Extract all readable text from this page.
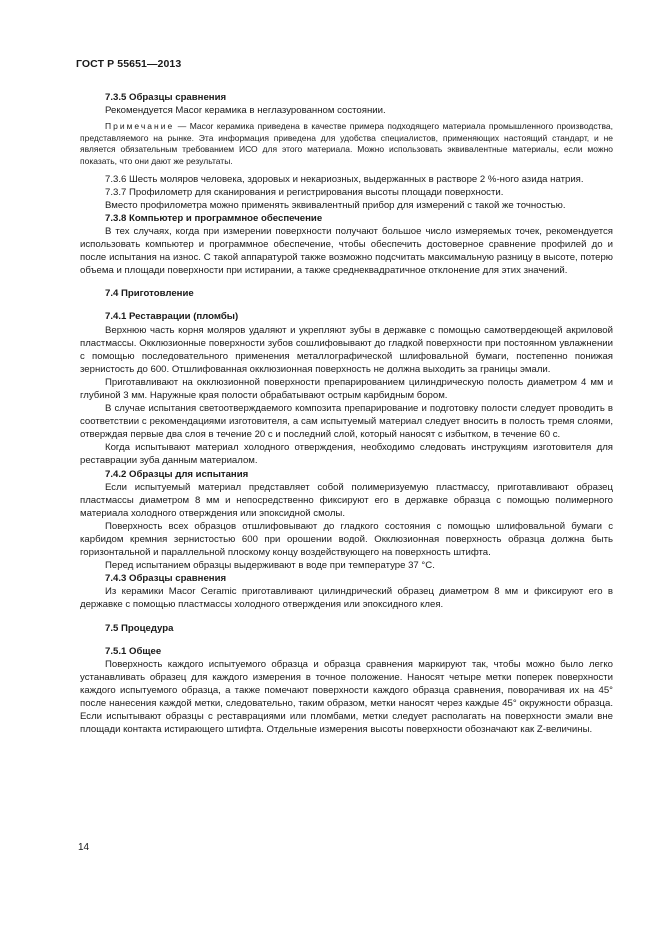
ГОСТ Р 55651—2013
7.3.5 Образцы сравнения
Рекомендуется Macor керамика в неглазурованном состоянии.
Примечание — Macor керамика приведена в качестве примера подходящего материала промышленного производства, представляемого на рынке. Эта информация приведена для удобства специалистов, применяющих настоящий стандарт, и не является обязательным требованием ИСО для этого материала. Можно использовать эквивалентные материалы, если можно показать, что они дают же результаты.
7.3.6 Шесть моляров человека, здоровых и некариозных, выдержанных в растворе 2 %-ного азида натрия.
7.3.7 Профилометр для сканирования и регистрирования высоты площади поверхности.
Вместо профилометра можно применять эквивалентный прибор для измерений с такой же точностью.
7.3.8 Компьютер и программное обеспечение
В тех случаях, когда при измерении поверхности получают большое число измеряемых точек, рекомендуется использовать компьютер и программное обеспечение, чтобы обеспечить достоверное сравнение профилей до и после испытания на износ. С такой аппаратурой также возможно подсчитать максимальную разницу в высоте, потерю объема и площади поверхности при истирании, а также среднеквадратичное отклонение для этих значений.
7.4 Приготовление
7.4.1 Реставрации (пломбы)
Верхнюю часть корня моляров удаляют и укрепляют зубы в державке с помощью самотвердеющей акриловой пластмассы. Окклюзионные поверхности зубов сошлифовывают до гладкой поверхности при постоянном увлажнении с помощью последовательного применения металлографической шлифовальной бумаги, постепенно понижая зернистость до 600. Отшлифованная окклюзионная поверхность не должна выходить за границы эмали.
Приготавливают на окклюзионной поверхности препарированием цилиндрическую полость диаметром 4 мм и глубиной 3 мм. Наружные края полости обрабатывают острым карбидным бором.
В случае испытания светоотверждаемого композита препарирование и подготовку полости следует проводить в соответствии с рекомендациями изготовителя, а сам испытуемый материал следует вносить в полость тремя слоями, отверждая первые два слоя в течение 20 с и последний слой, который наносят с избытком, в течение 60 с.
Когда испытывают материал холодного отверждения, необходимо следовать инструкциям изготовителя для реставрации зуба данным материалом.
7.4.2 Образцы для испытания
Если испытуемый материал представляет собой полимеризуемую пластмассу, приготавливают образец пластмассы диаметром 8 мм и непосредственно фиксируют его в державке образца с помощью полимерного материала холодного отверждения или эпоксидной смолы.
Поверхность всех образцов отшлифовывают до гладкого состояния с помощью шлифовальной бумаги с карбидом кремния зернистостью 600 при орошении водой. Окклюзионная поверхность образца должна быть горизонтальной и параллельной плоскому концу воздействующего на поверхность штифта.
Перед испытанием образцы выдерживают в воде при температуре 37 °С.
7.4.3 Образцы сравнения
Из керамики Macor Ceramic приготавливают цилиндрический образец диаметром 8 мм и фиксируют его в державке с помощью пластмассы холодного отверждения или эпоксидного клея.
7.5 Процедура
7.5.1 Общее
Поверхность каждого испытуемого образца и образца сравнения маркируют так, чтобы можно было легко устанавливать образец для каждого измерения в точное положение. Наносят четыре метки поперек поверхности каждого испытуемого образца, а также помечают поверхности каждого образца сравнения, поворачивая их на 45° после нанесения каждой метки, следовательно, таким образом, метки наносят через каждые 45° окружности образца. Если испытывают образцы с реставрациями или пломбами, метки следует располагать на поверхности эмали вне площади контакта истирающего штифта. Отдельные измерения высоты поверхности обозначают как Z-величины.
14
